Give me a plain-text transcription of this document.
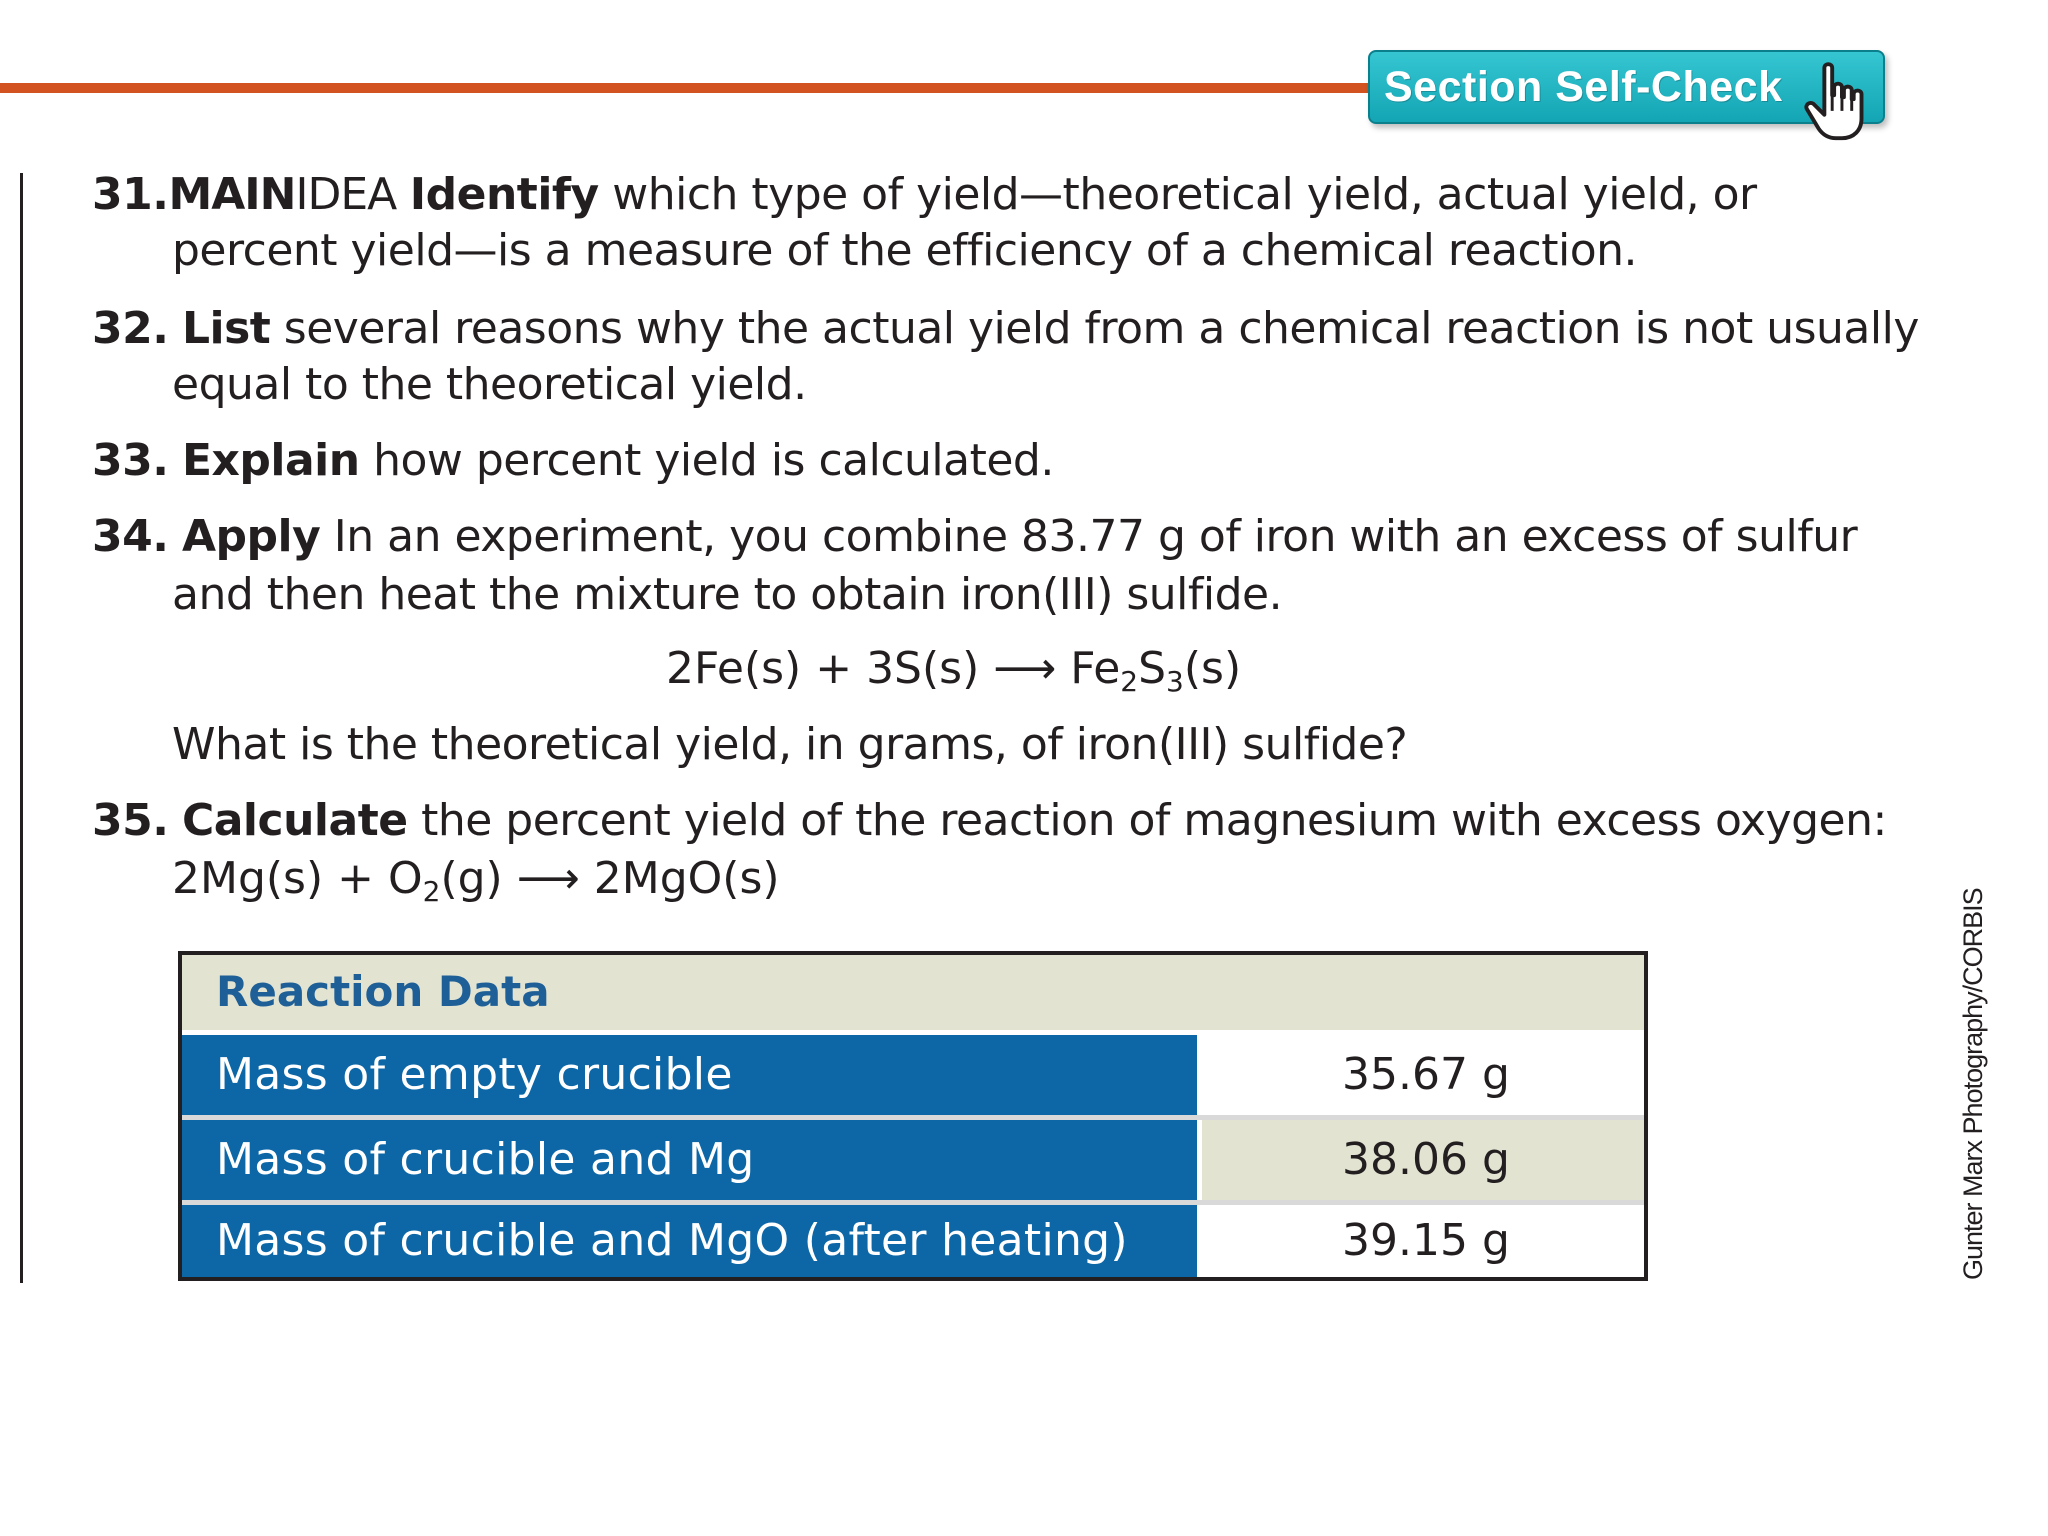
Section Self-Check
31.MAINIDEA Identify which type of yield—theoretical yield, actual yield, or
percent yield—is a measure of the efficiency of a chemical reaction.
32. List several reasons why the actual yield from a chemical reaction is not usually
equal to the theoretical yield.
33. Explain how percent yield is calculated.
34. Apply In an experiment, you combine 83.77 g of iron with an excess of sulfur
and then heat the mixture to obtain iron(III) sulfide.
2Fe(s) + 3S(s) ⟶ $Fe_2S_3(s)$
What is the theoretical yield, in grams, of iron(III) sulfide?
35. Calculate the percent yield of the reaction of magnesium with excess oxygen:
$2Mg(s) + O_2(g)$ ⟶ 2MgO(s)
Reaction Data
Mass of empty crucible	35.67 g
Mass of crucible and Mg	38.06 g
Mass of crucible and MgO (after heating)	39.15 g	Gunter Marx Photography/CORBIS
